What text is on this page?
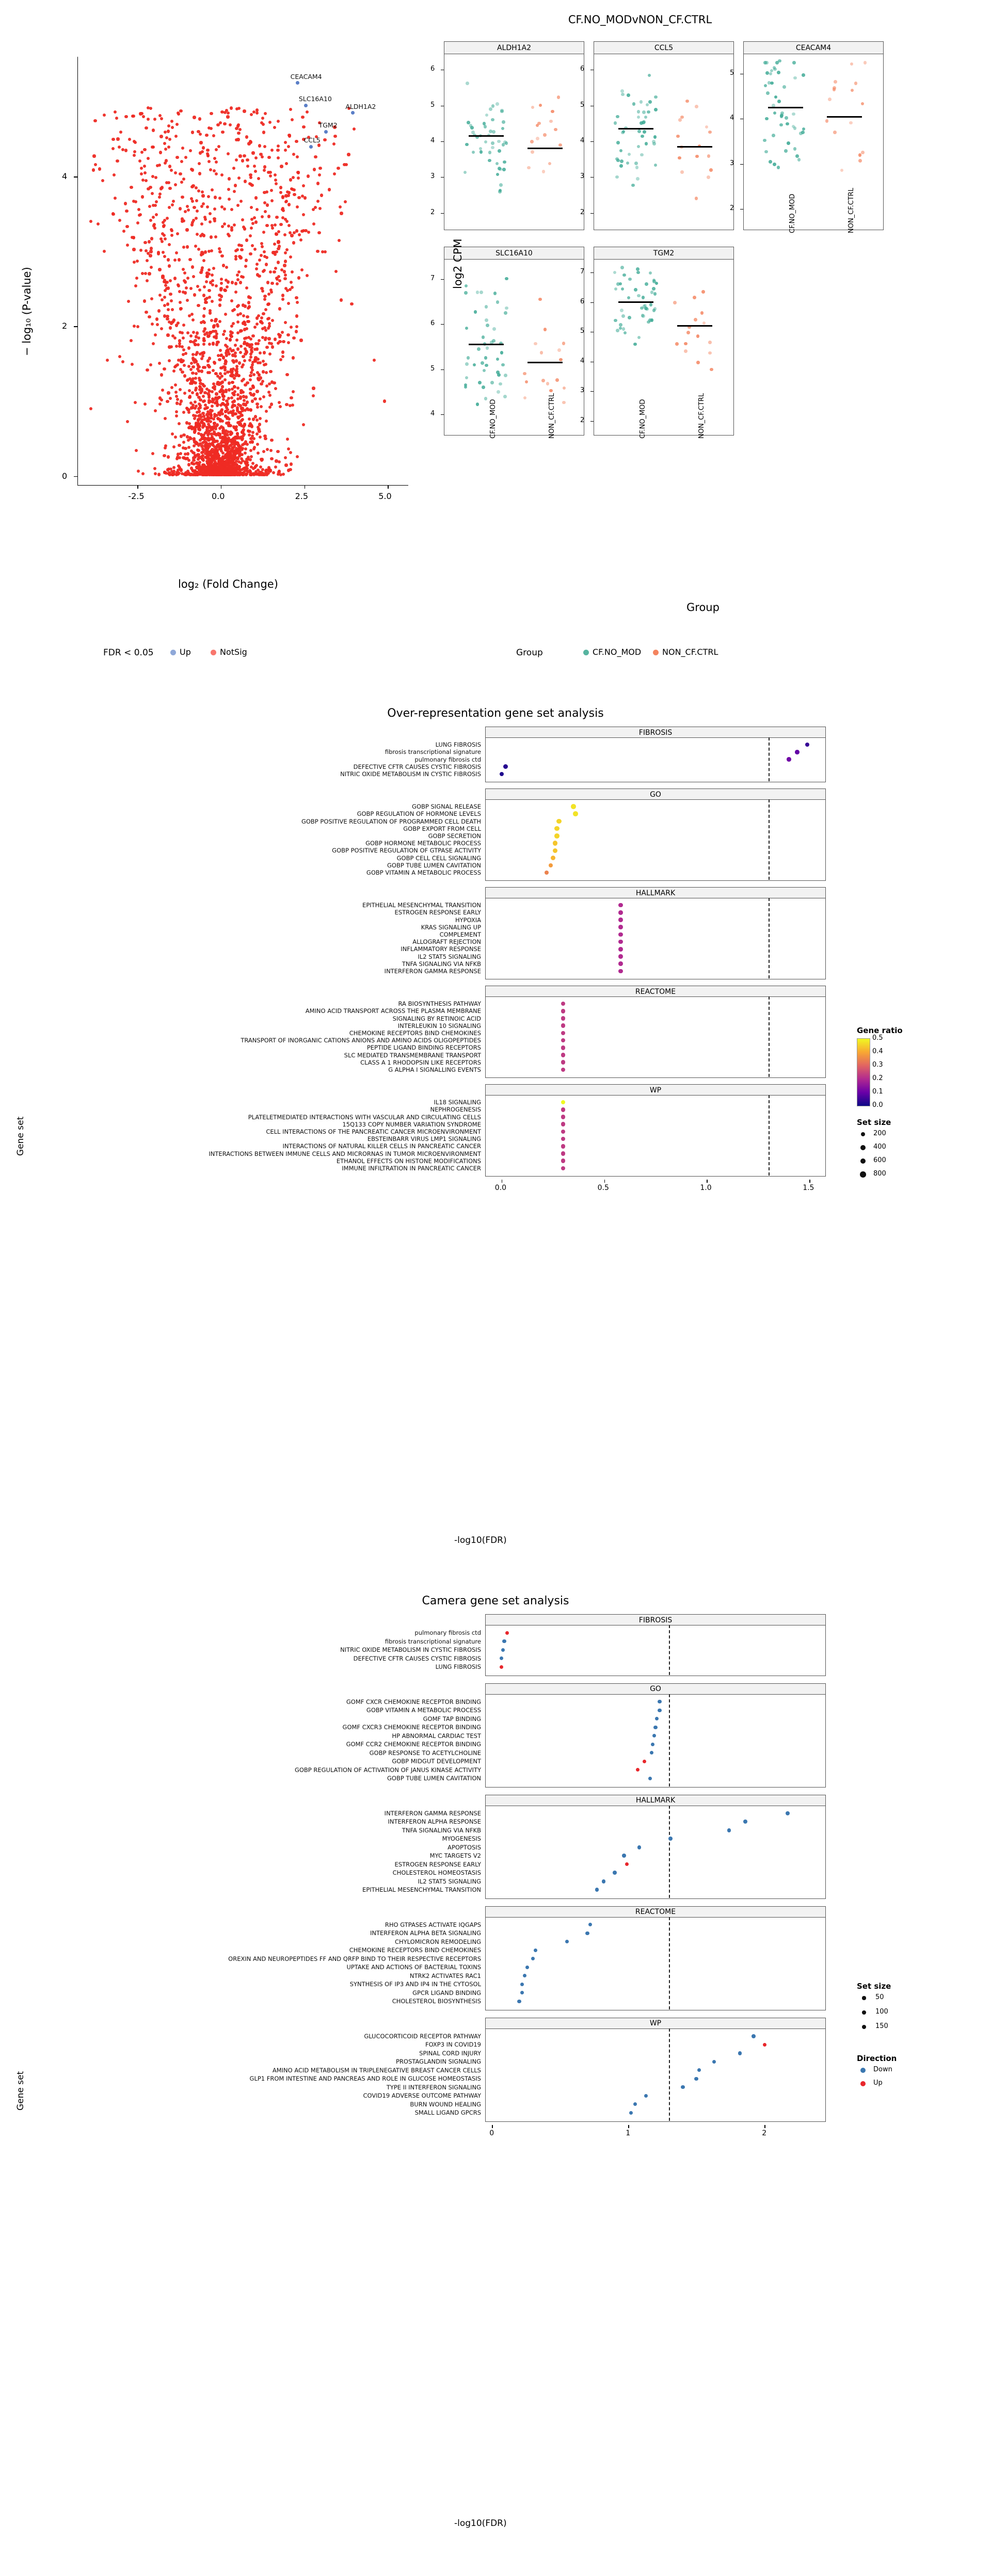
log₂ (Fold Change)
− log₁₀ (P-value)
FDR < 0.05	Up	NotSig
CF.NO_MODvNON_CF.CTRL
ALDH1A2
2
3
4
5
6
CCL5
2
3
4
5
6
CEACAM4
2
3
4
5
CF.NO_MOD	NON_CF.CTRL
SLC16A10
4
5
6
7
CF.NO_MOD	NON_CF.CTRL
TGM2
2
3
4
5
6
7
CF.NO_MOD	NON_CF.CTRL
log2 CPM
Group
Group	CF.NO_MOD	NON_CF.CTRL
-2.5	0.0	2.5	5.0
0
2
4
CEACAM4
SLC16A10
ALDH1A2
TGM2
CCL5
Over-representation gene set analysis
FIBROSIS
LUNG FIBROSIS
fibrosis transcriptional signature
pulmonary fibrosis ctd
DEFECTIVE CFTR CAUSES CYSTIC FIBROSIS
NITRIC OXIDE METABOLISM IN CYSTIC FIBROSIS
GO
GOBP SIGNAL RELEASE
GOBP REGULATION OF HORMONE LEVELS
GOBP POSITIVE REGULATION OF PROGRAMMED CELL DEATH
GOBP EXPORT FROM CELL
GOBP SECRETION
GOBP HORMONE METABOLIC PROCESS
GOBP POSITIVE REGULATION OF GTPASE ACTIVITY
GOBP CELL CELL SIGNALING
GOBP TUBE LUMEN CAVITATION
GOBP VITAMIN A METABOLIC PROCESS
HALLMARK
EPITHELIAL MESENCHYMAL TRANSITION
ESTROGEN RESPONSE EARLY
HYPOXIA
KRAS SIGNALING UP
COMPLEMENT
ALLOGRAFT REJECTION
INFLAMMATORY RESPONSE
IL2 STAT5 SIGNALING
TNFA SIGNALING VIA NFKB
INTERFERON GAMMA RESPONSE
REACTOME
RA BIOSYNTHESIS PATHWAY
AMINO ACID TRANSPORT ACROSS THE PLASMA MEMBRANE
SIGNALING BY RETINOIC ACID
INTERLEUKIN 10 SIGNALING
CHEMOKINE RECEPTORS BIND CHEMOKINES
TRANSPORT OF INORGANIC CATIONS ANIONS AND AMINO ACIDS OLIGOPEPTIDES
PEPTIDE LIGAND BINDING RECEPTORS
SLC MEDIATED TRANSMEMBRANE TRANSPORT
CLASS A 1 RHODOPSIN LIKE RECEPTORS
G ALPHA I SIGNALLING EVENTS
WP
IL18 SIGNALING
NEPHROGENESIS
PLATELETMEDIATED INTERACTIONS WITH VASCULAR AND CIRCULATING CELLS
15Q133 COPY NUMBER VARIATION SYNDROME
CELL INTERACTIONS OF THE PANCREATIC CANCER MICROENVIRONMENT
EBSTEINBARR VIRUS LMP1 SIGNALING
INTERACTIONS OF NATURAL KILLER CELLS IN PANCREATIC CANCER
INTERACTIONS BETWEEN IMMUNE CELLS AND MICRORNAS IN TUMOR MICROENVIRONMENT
ETHANOL EFFECTS ON HISTONE MODIFICATIONS
IMMUNE INFILTRATION IN PANCREATIC CANCER
0.0	0.5	1.0	1.5
-log10(FDR)
Gene set
Gene ratio
0.5
0.4
0.3
0.2
0.1
0.0
Set size
200
400
600
800
Camera gene set analysis
FIBROSIS
pulmonary fibrosis ctd
fibrosis transcriptional signature
NITRIC OXIDE METABOLISM IN CYSTIC FIBROSIS
DEFECTIVE CFTR CAUSES CYSTIC FIBROSIS
LUNG FIBROSIS
GO
GOMF CXCR CHEMOKINE RECEPTOR BINDING
GOBP VITAMIN A METABOLIC PROCESS
GOMF TAP BINDING
GOMF CXCR3 CHEMOKINE RECEPTOR BINDING
HP ABNORMAL CARDIAC TEST
GOMF CCR2 CHEMOKINE RECEPTOR BINDING
GOBP RESPONSE TO ACETYLCHOLINE
GOBP MIDGUT DEVELOPMENT
GOBP REGULATION OF ACTIVATION OF JANUS KINASE ACTIVITY
GOBP TUBE LUMEN CAVITATION
HALLMARK
INTERFERON GAMMA RESPONSE
INTERFERON ALPHA RESPONSE
TNFA SIGNALING VIA NFKB
MYOGENESIS
APOPTOSIS
MYC TARGETS V2
ESTROGEN RESPONSE EARLY
CHOLESTEROL HOMEOSTASIS
IL2 STAT5 SIGNALING
EPITHELIAL MESENCHYMAL TRANSITION
REACTOME
RHO GTPASES ACTIVATE IQGAPS
INTERFERON ALPHA BETA SIGNALING
CHYLOMICRON REMODELING
CHEMOKINE RECEPTORS BIND CHEMOKINES
OREXIN AND NEUROPEPTIDES FF AND QRFP BIND TO THEIR RESPECTIVE RECEPTORS
UPTAKE AND ACTIONS OF BACTERIAL TOXINS
NTRK2 ACTIVATES RAC1
SYNTHESIS OF IP3 AND IP4 IN THE CYTOSOL
GPCR LIGAND BINDING
CHOLESTEROL BIOSYNTHESIS
WP
GLUCOCORTICOID RECEPTOR PATHWAY
FOXP3 IN COVID19
SPINAL CORD INJURY
PROSTAGLANDIN SIGNALING
AMINO ACID METABOLISM IN TRIPLENEGATIVE BREAST CANCER CELLS
GLP1 FROM INTESTINE AND PANCREAS AND ROLE IN GLUCOSE HOMEOSTASIS
TYPE II INTERFERON SIGNALING
COVID19 ADVERSE OUTCOME PATHWAY
BURN WOUND HEALING
SMALL LIGAND GPCRS
0	1	2
-log10(FDR)
Gene set
Set size
50
100
150
Direction
Down
Up
